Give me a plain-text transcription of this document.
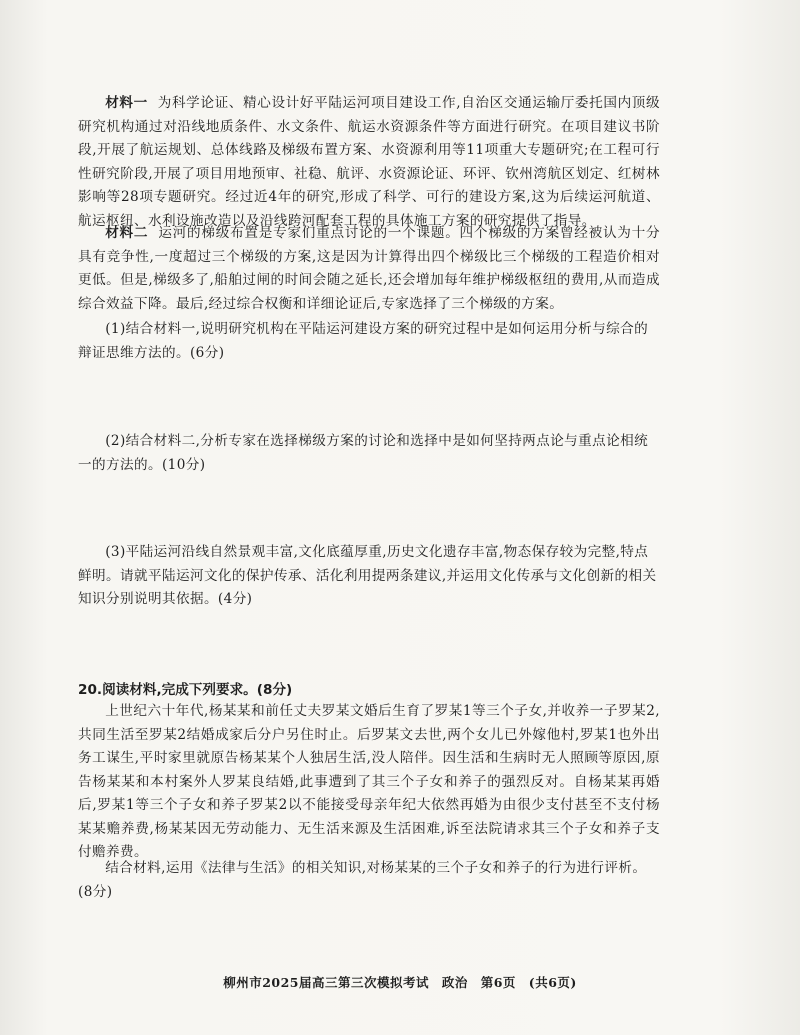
材料一 为科学论证、精心设计好平陆运河项目建设工作,自治区交通运输厅委托国内顶级研究机构通过对沿线地质条件、水文条件、航运水资源条件等方面进行研究。在项目建议书阶段,开展了航运规划、总体线路及梯级布置方案、水资源利用等11项重大专题研究;在工程可行性研究阶段,开展了项目用地预审、社稳、航评、水资源论证、环评、钦州湾航区划定、红树林影响等28项专题研究。经过近4年的研究,形成了科学、可行的建设方案,这为后续运河航道、航运枢纽、水利设施改造以及沿线跨河配套工程的具体施工方案的研究提供了指导。

材料二 运河的梯级布置是专家们重点讨论的一个课题。四个梯级的方案曾经被认为十分具有竞争性,一度超过三个梯级的方案,这是因为计算得出四个梯级比三个梯级的工程造价相对更低。但是,梯级多了,船舶过闸的时间会随之延长,还会增加每年维护梯级枢纽的费用,从而造成综合效益下降。最后,经过综合权衡和详细论证后,专家选择了三个梯级的方案。

(1)结合材料一,说明研究机构在平陆运河建设方案的研究过程中是如何运用分析与综合的辩证思维方法的。(6分)
(2)结合材料二,分析专家在选择梯级方案的讨论和选择中是如何坚持两点论与重点论相统一的方法的。(10分)
(3)平陆运河沿线自然景观丰富,文化底蕴厚重,历史文化遗存丰富,物态保存较为完整,特点鲜明。请就平陆运河文化的保护传承、活化利用提两条建议,并运用文化传承与文化创新的相关知识分别说明其依据。(4分)
20.阅读材料,完成下列要求。(8分)

上世纪六十年代,杨某某和前任丈夫罗某文婚后生育了罗某1等三个子女,并收养一子罗某2,共同生活至罗某2结婚成家后分户另住时止。后罗某文去世,两个女儿已外嫁他村,罗某1也外出务工谋生,平时家里就原告杨某某个人独居生活,没人陪伴。因生活和生病时无人照顾等原因,原告杨某某和本村案外人罗某良结婚,此事遭到了其三个子女和养子的强烈反对。自杨某某再婚后,罗某1等三个子女和养子罗某2以不能接受母亲年纪大依然再婚为由很少支付甚至不支付杨某某赡养费,杨某某因无劳动能力、无生活来源及生活困难,诉至法院请求其三个子女和养子支付赡养费。

结合材料,运用《法律与生活》的相关知识,对杨某某的三个子女和养子的行为进行评析。(8分)
柳州市2025届高三第三次模拟考试 政治 第6页 (共6页)
